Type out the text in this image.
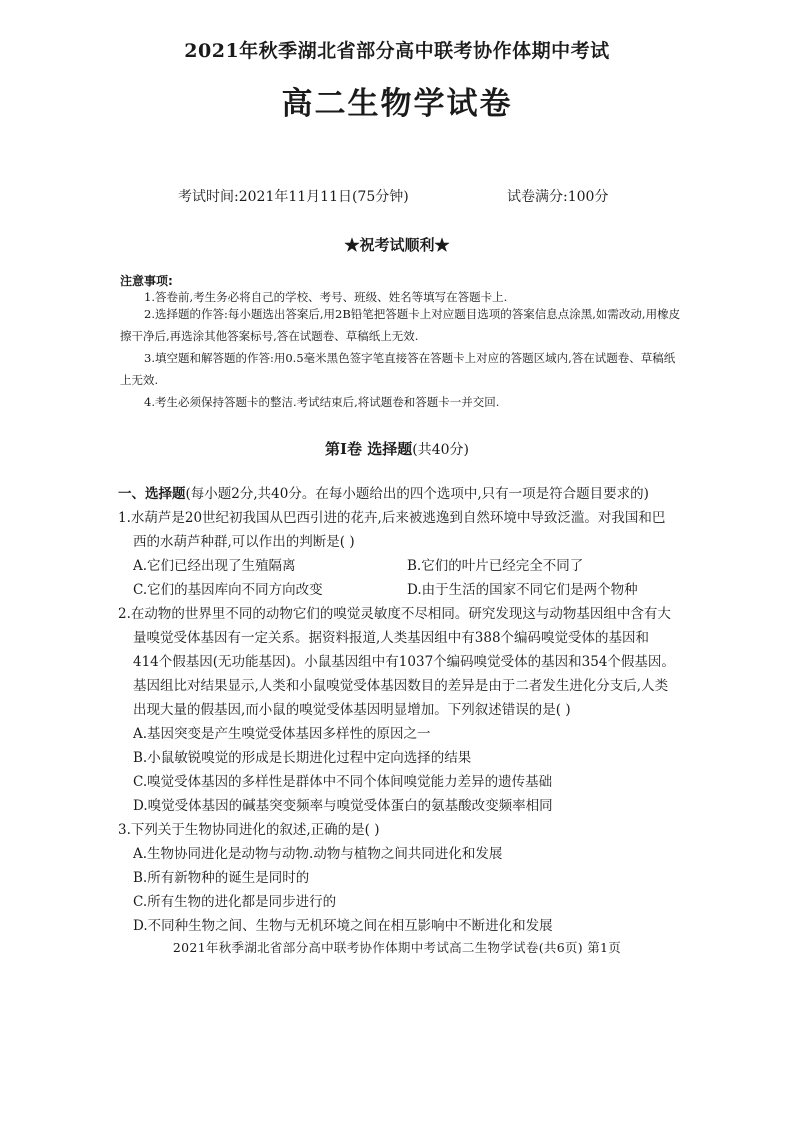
2021年秋季湖北省部分高中联考协作体期中考试
高二生物学试卷
考试时间:2021年11月11日(75分钟)	试卷满分:100分
★祝考试顺利★
注意事项:
1.答卷前,考生务必将自己的学校、考号、班级、姓名等填写在答题卡上.
2.选择题的作答:每小题选出答案后,用2B铅笔把答题卡上对应题目选项的答案信息点涂黑,如需改动,用橡皮擦干净后,再选涂其他答案标号,答在试题卷、草稿纸上无效.
3.填空题和解答题的作答:用0.5毫米黑色签字笔直接答在答题卡上对应的答题区域内,答在试题卷、草稿纸上无效.
4.考生必须保持答题卡的整洁.考试结束后,将试题卷和答题卡一并交回.
第Ⅰ卷 选择题(共40分)
一、选择题(每小题2分,共40分。在每小题给出的四个选项中,只有一项是符合题目要求的)
1.水葫芦是20世纪初我国从巴西引进的花卉,后来被逃逸到自然环境中导致泛滥。对我国和巴
西的水葫芦种群,可以作出的判断是( )
A.它们已经出现了生殖隔离	B.它们的叶片已经完全不同了
C.它们的基因库向不同方向改变	D.由于生活的国家不同它们是两个物种
2.在动物的世界里不同的动物它们的嗅觉灵敏度不尽相同。研究发现这与动物基因组中含有大
量嗅觉受体基因有一定关系。据资料报道,人类基因组中有388个编码嗅觉受体的基因和
414个假基因(无功能基因)。小鼠基因组中有1037个编码嗅觉受体的基因和354个假基因。
基因组比对结果显示,人类和小鼠嗅觉受体基因数目的差异是由于二者发生进化分支后,人类
出现大量的假基因,而小鼠的嗅觉受体基因明显增加。下列叙述错误的是( )
A.基因突变是产生嗅觉受体基因多样性的原因之一
B.小鼠敏锐嗅觉的形成是长期进化过程中定向选择的结果
C.嗅觉受体基因的多样性是群体中不同个体间嗅觉能力差异的遗传基础
D.嗅觉受体基因的碱基突变频率与嗅觉受体蛋白的氨基酸改变频率相同
3.下列关于生物协同进化的叙述,正确的是( )
A.生物协同进化是动物与动物.动物与植物之间共同进化和发展
B.所有新物种的诞生是同时的
C.所有生物的进化都是同步进行的
D.不同种生物之间、生物与无机环境之间在相互影响中不断进化和发展
2021年秋季湖北省部分高中联考协作体期中考试高二生物学试卷(共6页) 第1页
